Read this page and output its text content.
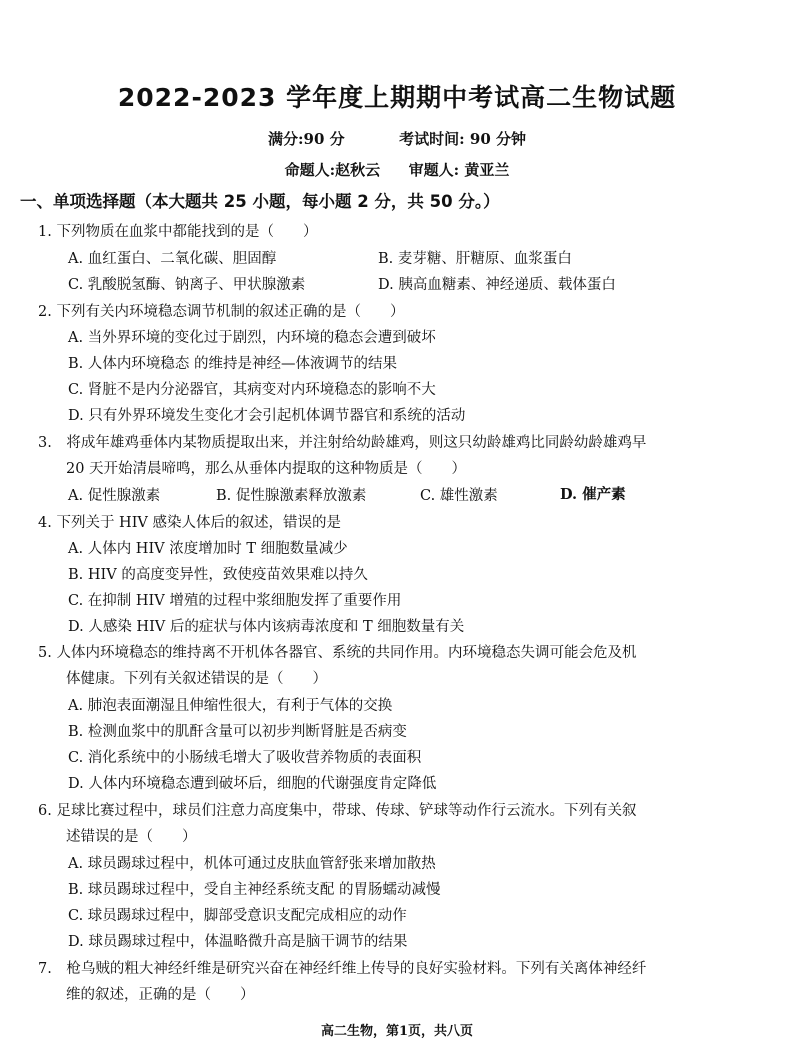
2022-2023 学年度上期期中考试高二生物试题
满分:90 分	考试时间: 90 分钟
命题人:赵秋云 审题人: 黄亚兰
一、单项选择题（本大题共 25 小题，每小题 2 分，共 50 分。）
1. 下列物质在血浆中都能找到的是（　　）
A. 血红蛋白、二氧化碳、胆固醇	B. 麦芽糖、肝糖原、血浆蛋白
C. 乳酸脱氢酶、钠离子、甲状腺激素	D. 胰高血糖素、神经递质、载体蛋白
2. 下列有关内环境稳态调节机制的叙述正确的是（　　）
A. 当外界环境的变化过于剧烈，内环境的稳态会遭到破坏
B. 人体内环境稳态 的维持是神经—体液调节的结果
C. 肾脏不是内分泌器官，其病变对内环境稳态的影响不大
D. 只有外界环境发生变化才会引起机体调节器官和系统的活动
3.　将成年雄鸡垂体内某物质提取出来，并注射给幼龄雄鸡，则这只幼龄雄鸡比同龄幼龄雄鸡早
20 天开始清晨啼鸣，那么从垂体内提取的这种物质是（　　）
A. 促性腺激素	B. 促性腺激素释放激素	C. 雄性激素	D. 催产素
4. 下列关于 HIV 感染人体后的叙述，错误的是
A. 人体内 HIV 浓度增加时 T 细胞数量减少
B. HIV 的高度变异性，致使疫苗效果难以持久
C. 在抑制 HIV 增殖的过程中浆细胞发挥了重要作用
D. 人感染 HIV 后的症状与体内该病毒浓度和 T 细胞数量有关
5. 人体内环境稳态的维持离不开机体各器官、系统的共同作用。内环境稳态失调可能会危及机
体健康。下列有关叙述错误的是（　　）
A. 肺泡表面潮湿且伸缩性很大，有利于气体的交换
B. 检测血浆中的肌酐含量可以初步判断肾脏是否病变
C. 消化系统中的小肠绒毛增大了吸收营养物质的表面积
D. 人体内环境稳态遭到破坏后，细胞的代谢强度肯定降低
6. 足球比赛过程中，球员们注意力高度集中，带球、传球、铲球等动作行云流水。下列有关叙
述错误的是（　　）
A. 球员踢球过程中，机体可通过皮肤血管舒张来增加散热
B. 球员踢球过程中，受自主神经系统支配 的胃肠蠕动减慢
C. 球员踢球过程中，脚部受意识支配完成相应的动作
D. 球员踢球过程中，体温略微升高是脑干调节的结果
7.　枪乌贼的粗大神经纤维是研究兴奋在神经纤维上传导的良好实验材料。下列有关离体神经纤
维的叙述，正确的是（　　）
高二生物，第1页，共八页
